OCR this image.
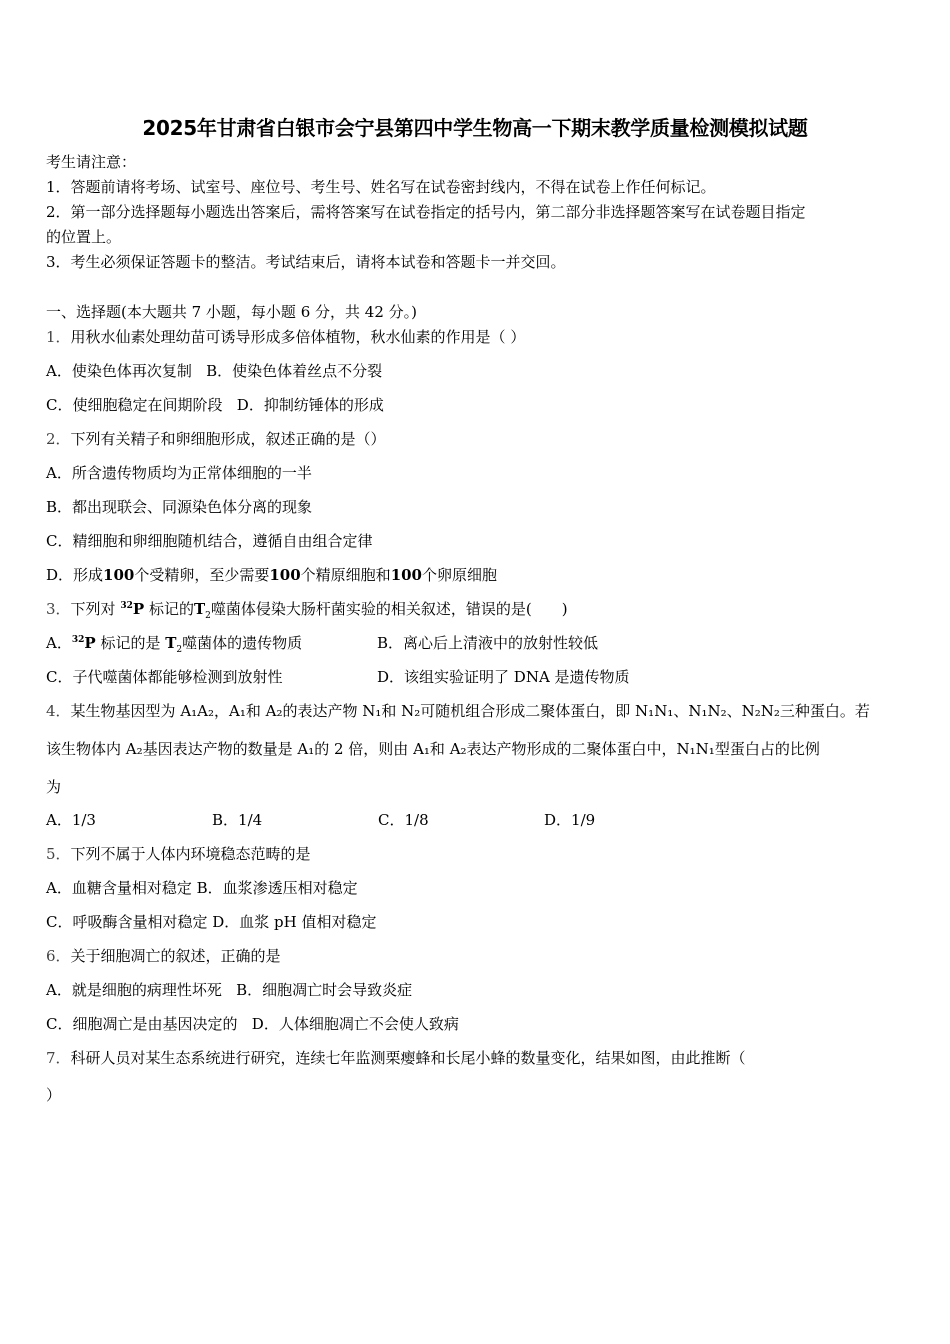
2025年甘肃省白银市会宁县第四中学生物高一下期末教学质量检测模拟试题
考生请注意：
1．答题前请将考场、试室号、座位号、考生号、姓名写在试卷密封线内，不得在试卷上作任何标记。
2．第一部分选择题每小题选出答案后，需将答案写在试卷指定的括号内，第二部分非选择题答案写在试卷题目指定
的位置上。
3．考生必须保证答题卡的整洁。考试结束后，请将本试卷和答题卡一并交回。
一、选择题(本大题共 7 小题，每小题 6 分，共 42 分。)
1．用秋水仙素处理幼苗可诱导形成多倍体植物，秋水仙素的作用是（ ）
A．使染色体再次复制 B．使染色体着丝点不分裂
C．使细胞稳定在间期阶段 D．抑制纺锤体的形成
2．下列有关精子和卵细胞形成，叙述正确的是（）
A．所含遗传物质均为正常体细胞的一半
B．都出现联会、同源染色体分离的现象
C．精细胞和卵细胞随机结合，遵循自由组合定律
D．形成100个受精卵，至少需要100个精原细胞和100个卵原细胞
3．下列对 $^{32}$P 标记的$T_2$噬菌体侵染大肠杆菌实验的相关叙述，错误的是(　　)
A．$^{32}$P 标记的是 $T_2$噬菌体的遗传物质	B．离心后上清液中的放射性较低
C．子代噬菌体都能够检测到放射性	D．该组实验证明了 DNA 是遗传物质
4．某生物基因型为 A₁A₂，A₁和 A₂的表达产物 N₁和 N₂可随机组合形成二聚体蛋白，即 N₁N₁、N₁N₂、N₂N₂三种蛋白。若
该生物体内 A₂基因表达产物的数量是 A₁的 2 倍，则由 A₁和 A₂表达产物形成的二聚体蛋白中，N₁N₁型蛋白占的比例
为
A．1/3	B．1/4	C．1/8	D．1/9
5．下列不属于人体内环境稳态范畴的是
A．血糖含量相对稳定 B．血浆渗透压相对稳定
C．呼吸酶含量相对稳定 D．血浆 pH 值相对稳定
6．关于细胞凋亡的叙述，正确的是
A．就是细胞的病理性坏死 B．细胞凋亡时会导致炎症
C．细胞凋亡是由基因决定的 D．人体细胞凋亡不会使人致病
7．科研人员对某生态系统进行研究，连续七年监测栗瘿蜂和长尾小蜂的数量变化，结果如图，由此推断（
）
